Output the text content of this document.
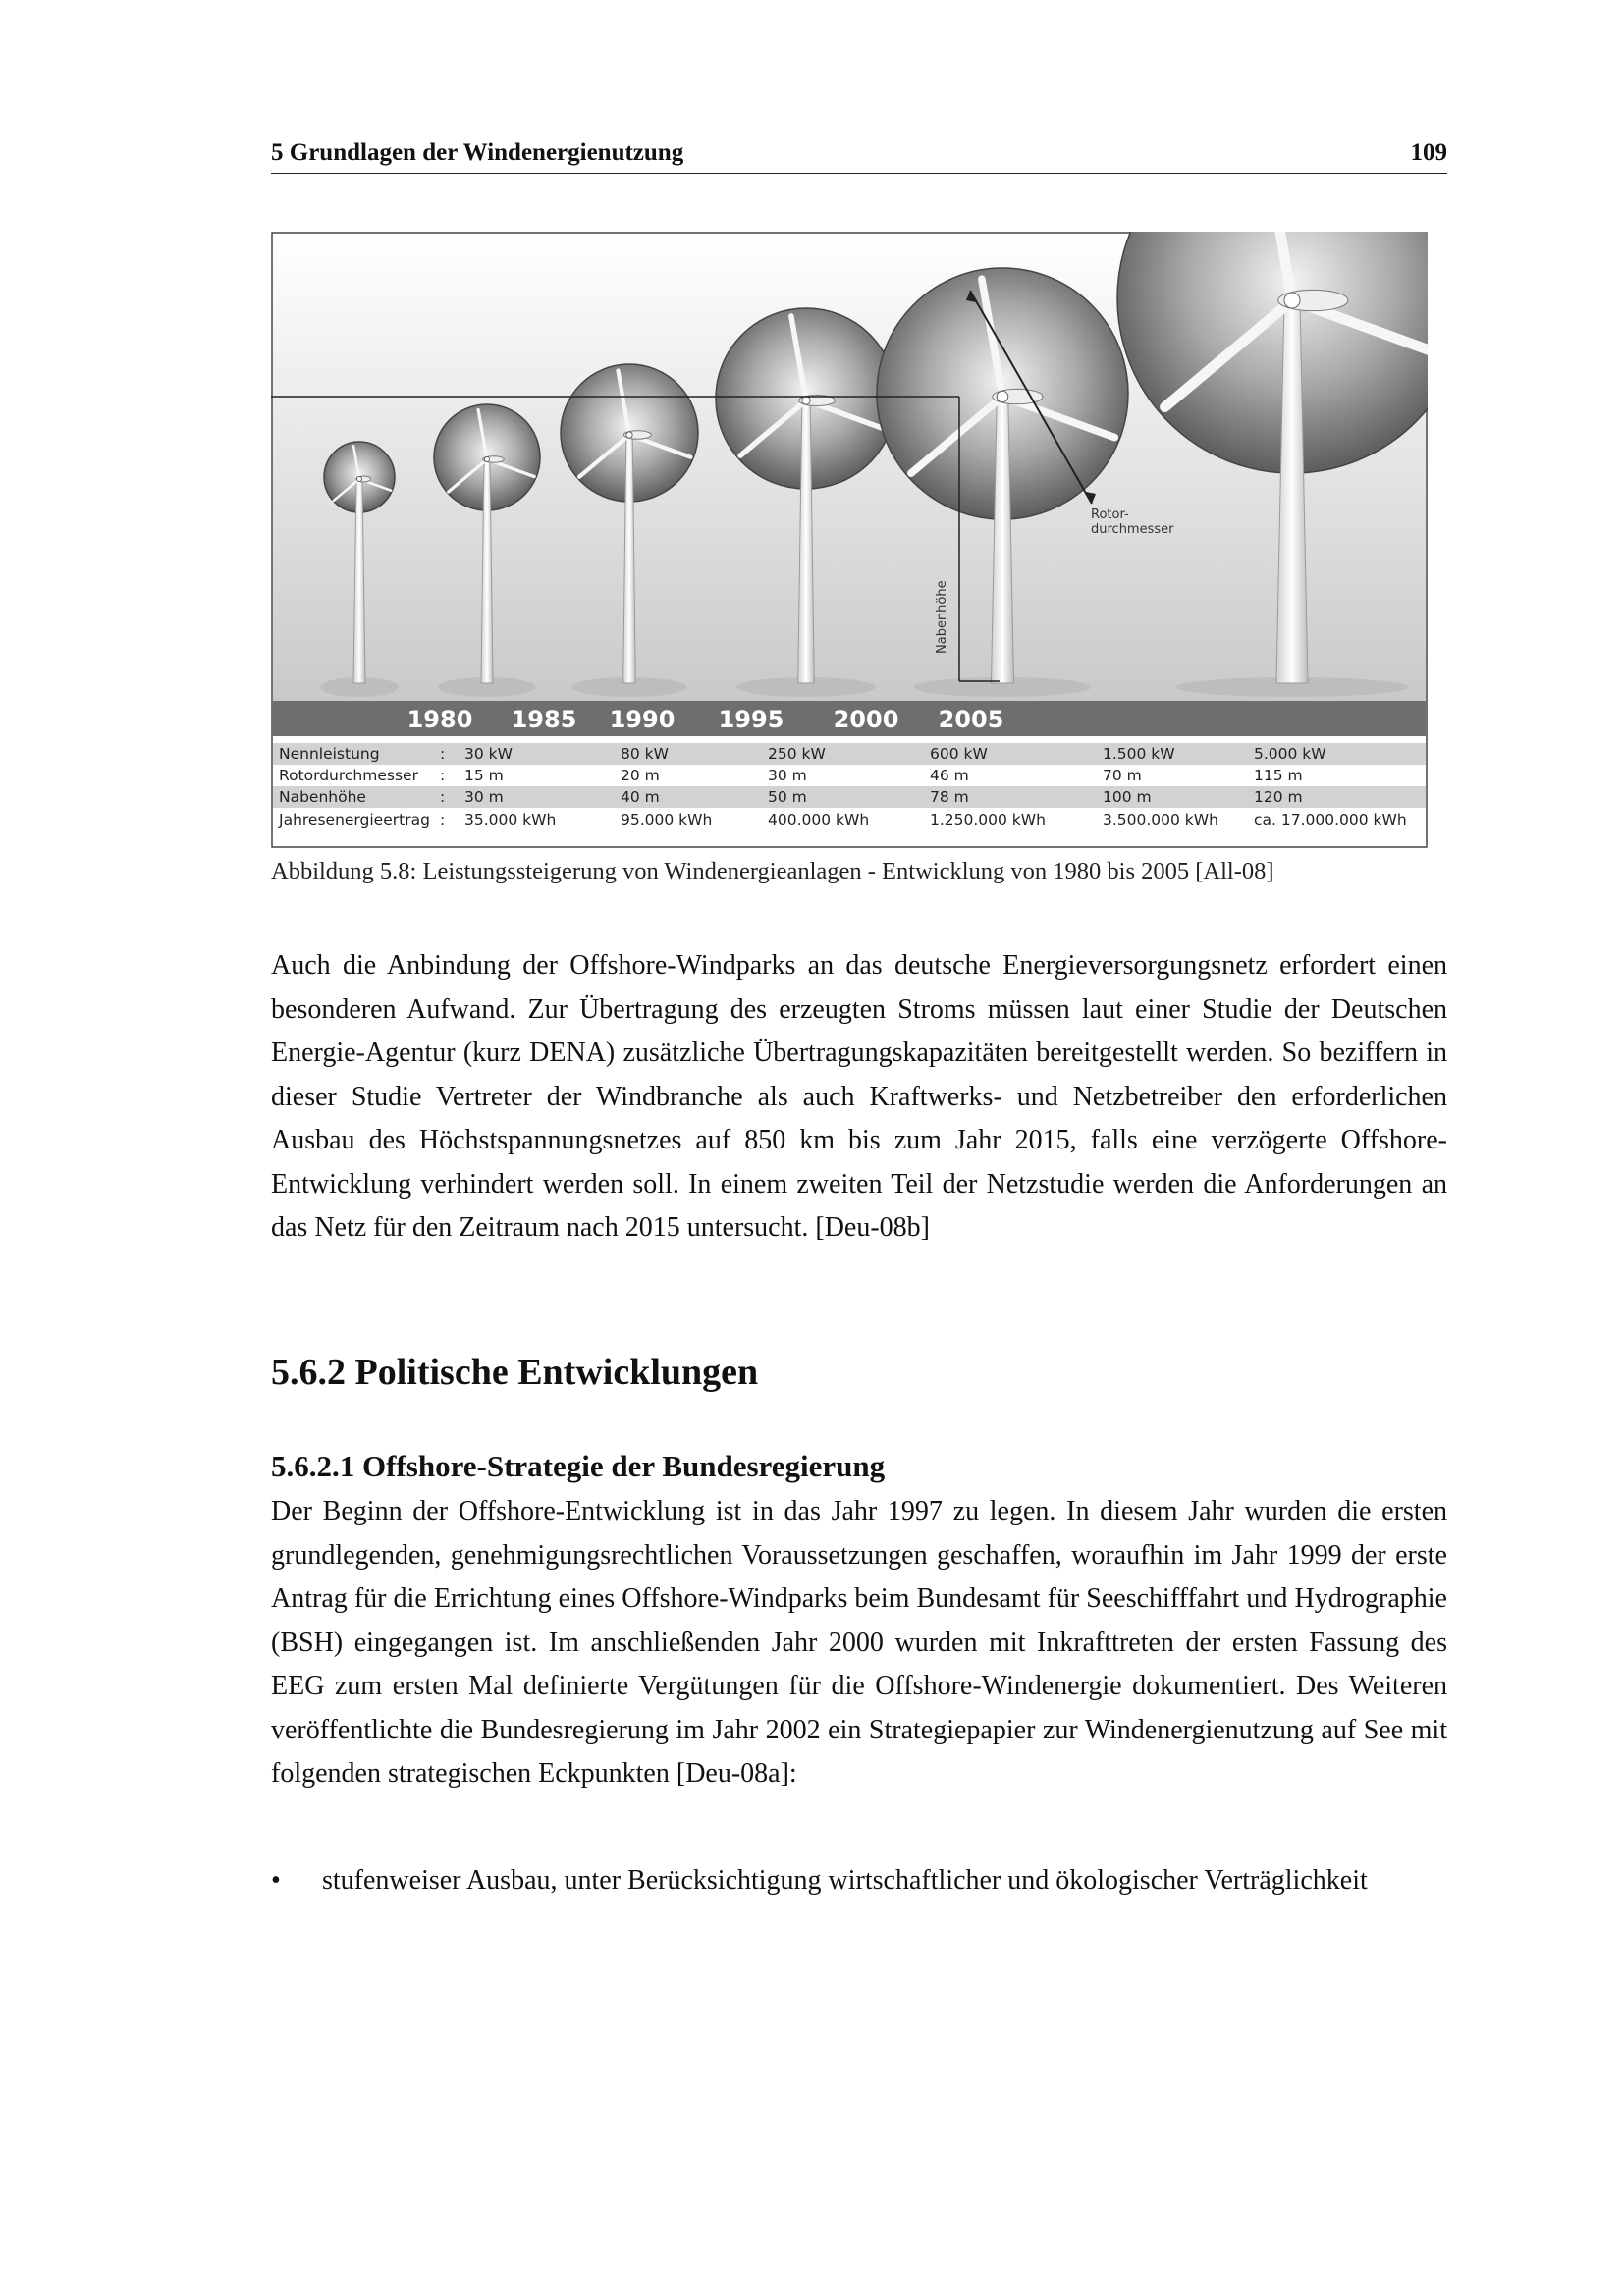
5 Grundlagen der Windenergienutzung	109
Rotor-
durchmesser
Nabenhöhe
1980 1985 1990 1995 2000 2005
Nennleistung	: 30 kW	80 kW	250 kW	600 kW	1.500 kW	5.000 kW
Rotordurchmesser : 15 m	20 m	30 m	46 m	70 m	115 m
Nabenhöhe	: 30 m	40 m	50 m	78 m	100 m	120 m
Jahresenergieertrag : 35.000 kWh	95.000 kWh	400.000 kWh	1.250.000 kWh	3.500.000 kWh ca. 17.000.000 kWh
Abbildung 5.8: Leistungssteigerung von Windenergieanlagen - Entwicklung von 1980 bis 2005 [All-08]

Auch die Anbindung der Offshore-Windparks an das deutsche Energieversorgungsnetz erfordert einen besonderen Aufwand. Zur Übertragung des erzeugten Stroms müssen laut einer Studie der Deutschen Energie-Agentur (kurz DENA) zusätzliche Übertragungskapazitäten bereitgestellt werden. So beziffern in dieser Studie Vertreter der Windbranche als auch Kraftwerks- und Netzbetreiber den erforderlichen Ausbau des Höchstspannungsnetzes auf 850 km bis zum Jahr 2015, falls eine verzögerte Offshore-Entwicklung verhindert werden soll. In einem zweiten Teil der Netzstudie werden die Anforderungen an das Netz für den Zeitraum nach 2015 untersucht. [Deu-08b]

5.6.2 Politische Entwicklungen
5.6.2.1 Offshore-Strategie der Bundesregierung

Der Beginn der Offshore-Entwicklung ist in das Jahr 1997 zu legen. In diesem Jahr wurden die ersten grundlegenden, genehmigungsrechtlichen Voraussetzungen geschaffen, woraufhin im Jahr 1999 der erste Antrag für die Errichtung eines Offshore-Windparks beim Bundesamt für Seeschifffahrt und Hydrographie (BSH) eingegangen ist. Im anschließenden Jahr 2000 wurden mit Inkrafttreten der ersten Fassung des EEG zum ersten Mal definierte Vergütungen für die Offshore-Windenergie dokumentiert. Des Weiteren veröffentlichte die Bundesregierung im Jahr 2002 ein Strategiepapier zur Windenergienutzung auf See mit folgenden strategischen Eckpunkten [Deu-08a]:

• stufenweiser Ausbau, unter Berücksichtigung wirtschaftlicher und ökologischer Verträglichkeit
